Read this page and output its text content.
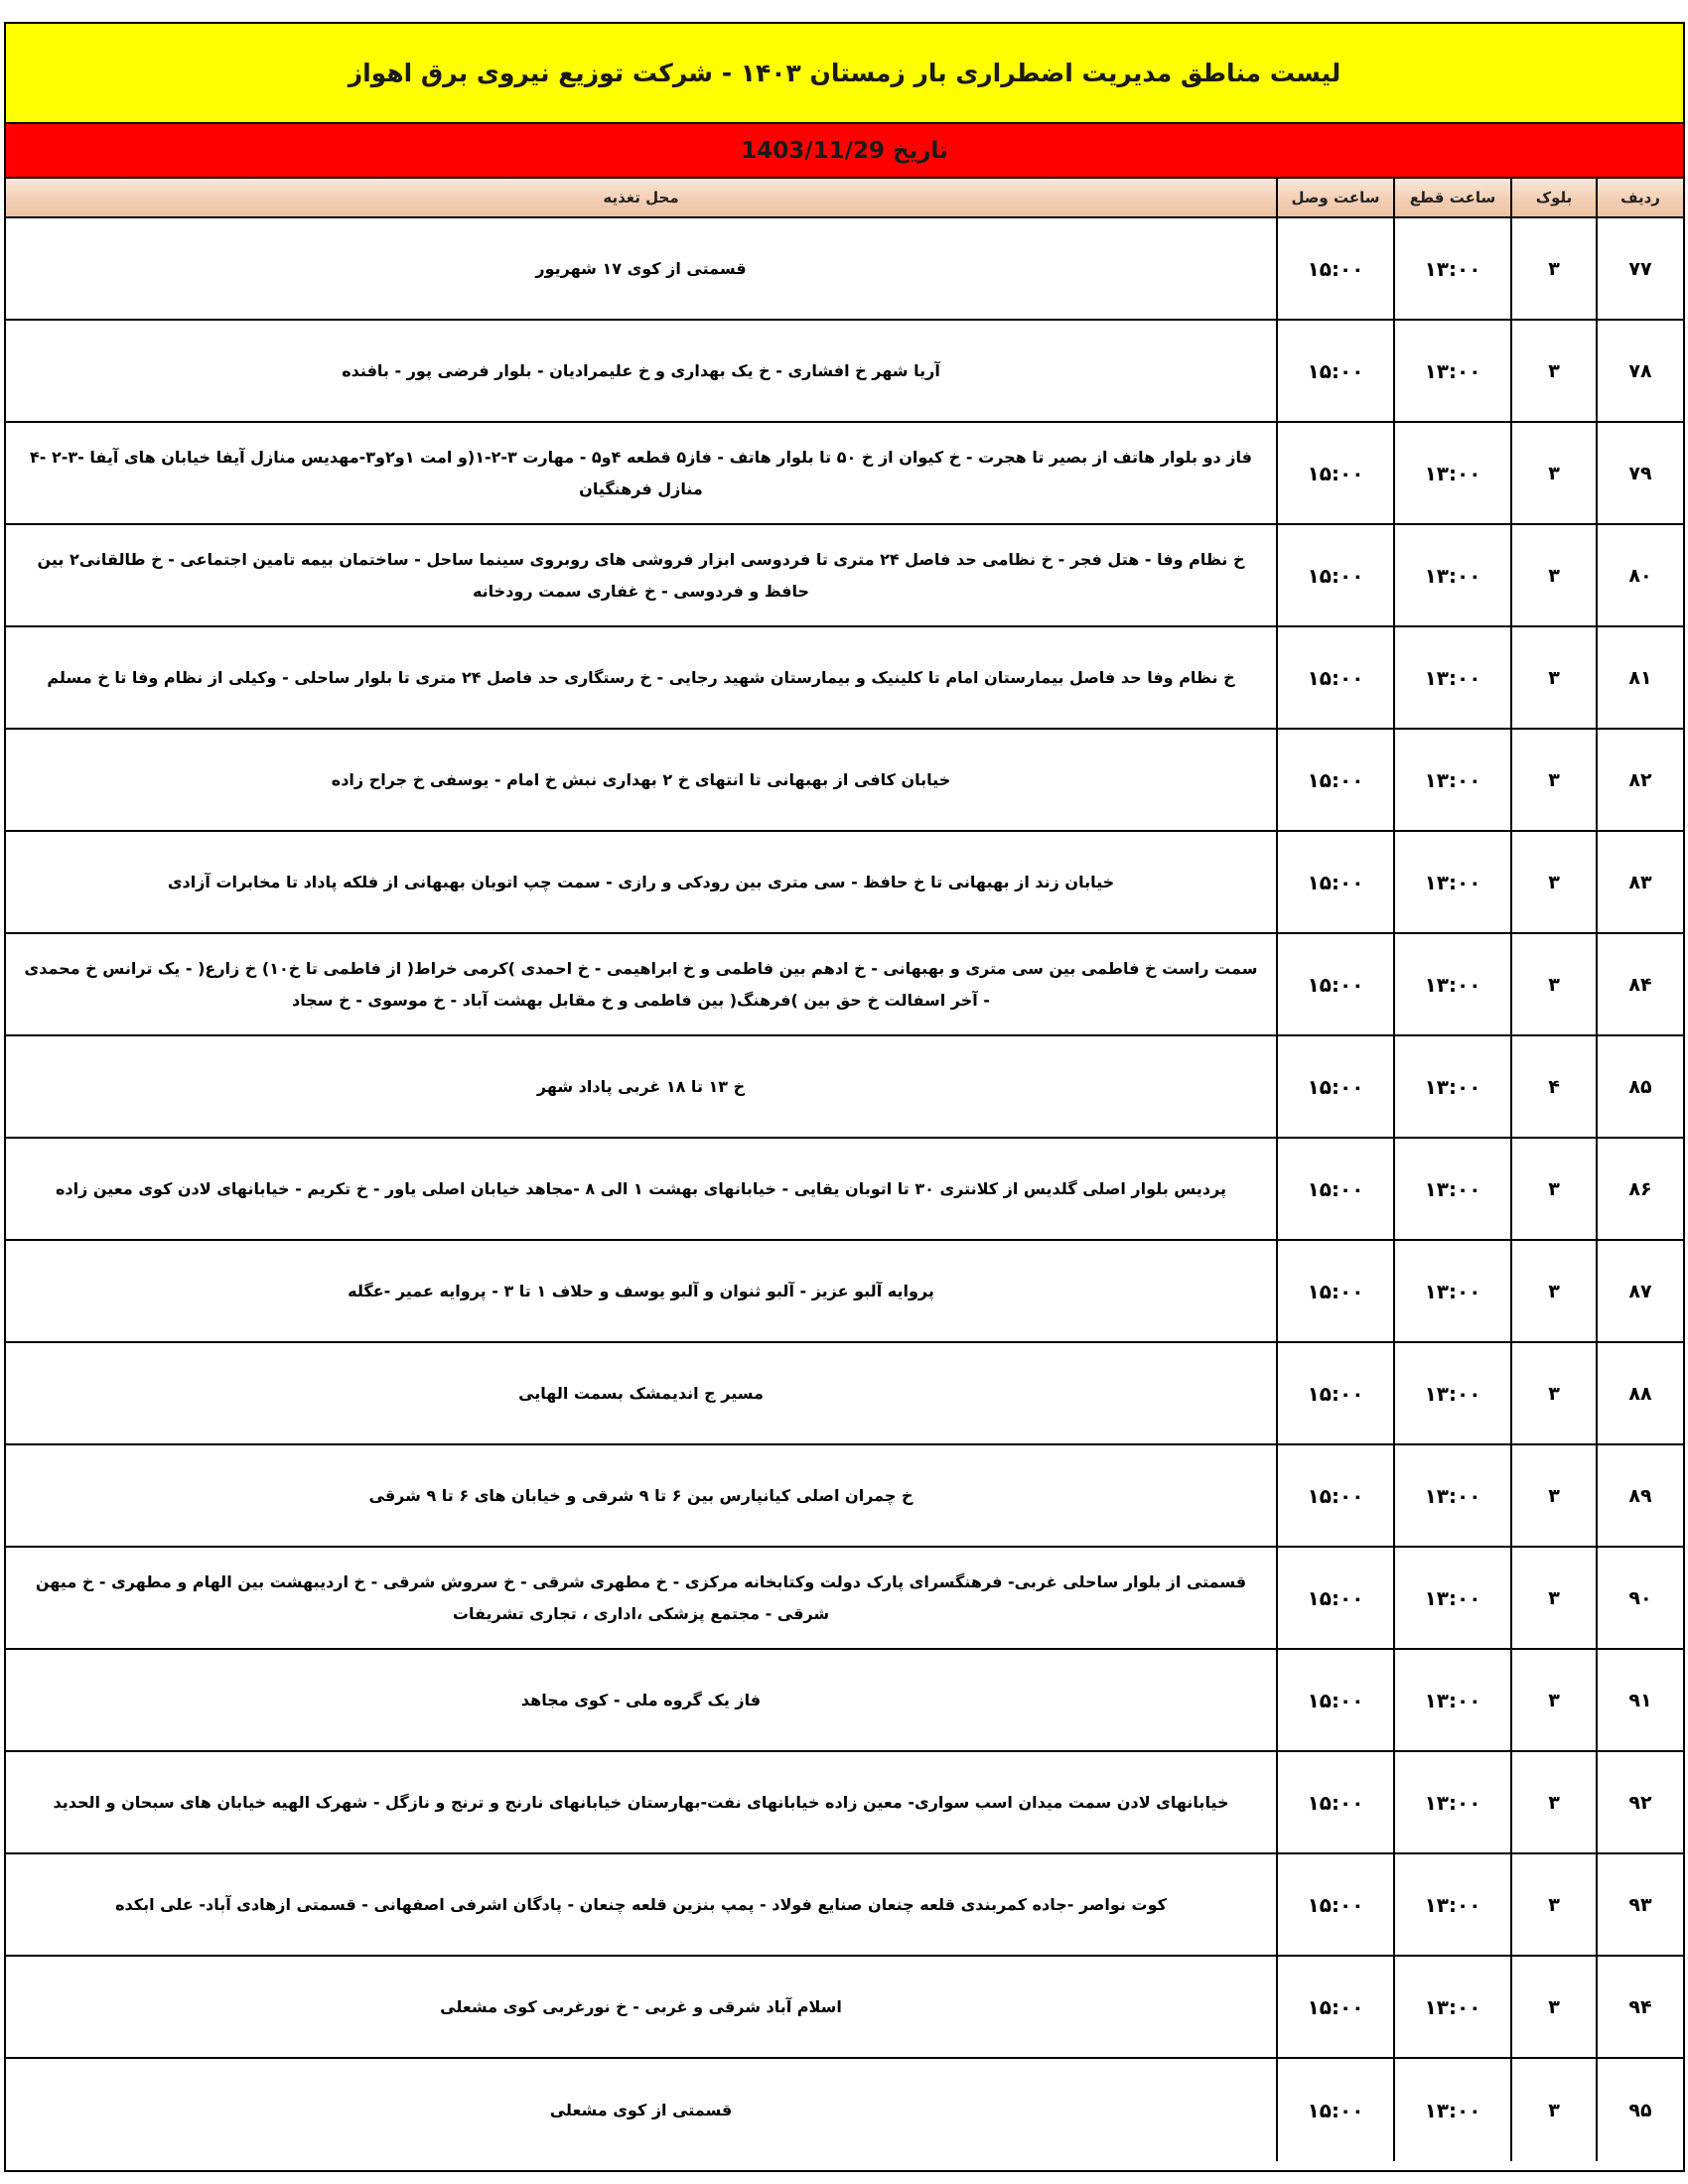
لیست مناطق مدیریت اضطراری بار زمستان ۱۴۰۳ - شرکت توزیع نیروی برق اهواز
تاریخ 1403/11/29
ردیف
بلوک
ساعت قطع
ساعت وصل
محل تغذیه
۷۷
۳
۱۳:۰۰
۱۵:۰۰
قسمتی از کوی ۱۷ شهریور
۷۸
۳
۱۳:۰۰
۱۵:۰۰
آریا شهر خ افشاری - خ یک بهداری و خ علیمرادیان - بلوار فرضی پور - بافنده
۷۹
۳
۱۳:۰۰
۱۵:۰۰
فاز دو بلوار هاتف از بصیر تا هجرت - خ کیوان از خ ۵۰ تا بلوار هاتف - فاز۵ قطعه ۴و۵ - مهارت ۳-۲-۱(و امت ۱و۲و۳-مهدیس منازل آیفا خیابان های آیفا -۳-۲ -۴ منازل فرهنگیان
۸۰
۳
۱۳:۰۰
۱۵:۰۰
خ نظام وفا - هتل فجر - خ نظامی حد فاصل ۲۴ متری تا فردوسی ابزار فروشی های روبروی سینما ساحل - ساختمان بیمه تامین اجتماعی - خ طالقانی۲ بین حافظ و فردوسی - خ غفاری سمت رودخانه
۸۱
۳
۱۳:۰۰
۱۵:۰۰
خ نظام وفا حد فاصل بیمارستان امام تا کلینیک و بیمارستان شهید رجایی - خ رستگاری حد فاصل ۲۴ متری تا بلوار ساحلی - وکیلی از نظام وفا تا خ مسلم
۸۲
۳
۱۳:۰۰
۱۵:۰۰
خیابان کافی از بهبهانی تا انتهای خ ۲ بهداری نبش خ امام - یوسفی خ جراح زاده
۸۳
۳
۱۳:۰۰
۱۵:۰۰
خیابان زند از بهبهانی تا خ حافظ - سی متری بین رودکی و رازی - سمت چپ اتوبان بهبهانی از فلکه پاداد تا مخابرات آزادی
۸۴
۳
۱۳:۰۰
۱۵:۰۰
سمت راست خ فاطمی بین سی متری و بهبهانی - خ ادهم بین فاطمی و خ ابراهیمی - خ احمدی )کرمی خراط( از فاطمی تا خ۱۰) خ زارع( - یک ترانس خ محمدی - آخر اسفالت خ حق بین )فرهنگ( بین فاطمی و خ مقابل بهشت آباد - خ موسوی - خ سجاد
۸۵
۴
۱۳:۰۰
۱۵:۰۰
خ ۱۳ تا ۱۸ غربی پاداد شهر
۸۶
۳
۱۳:۰۰
۱۵:۰۰
پردیس بلوار اصلی گلدیس از کلانتری ۳۰ تا اتوبان یقایی - خیابانهای بهشت ۱ الی ۸ -مجاهد خیابان اصلی یاور - خ تکریم - خیابانهای لادن کوی معین زاده
۸۷
۳
۱۳:۰۰
۱۵:۰۰
پروایه آلبو عزیز - آلبو ثنوان و آلبو یوسف و حلاف ۱ تا ۳ - پروایه عمیر -عگله
۸۸
۳
۱۳:۰۰
۱۵:۰۰
مسیر ج اندیمشک بسمت الهایی
۸۹
۳
۱۳:۰۰
۱۵:۰۰
خ چمران اصلی کیانپارس بین ۶ تا ۹ شرقی و خیابان های ۶ تا ۹ شرقی
۹۰
۳
۱۳:۰۰
۱۵:۰۰
قسمتی از بلوار ساحلی غربی- فرهنگسرای پارک دولت وکتابخانه مرکزی - خ مطهری شرقی - خ سروش شرقی - خ اردیبهشت بین الهام و مطهری - خ میهن شرقی - مجتمع پزشکی ،اداری ، تجاری تشریفات
۹۱
۳
۱۳:۰۰
۱۵:۰۰
فاز یک گروه ملی - کوی مجاهد
۹۲
۳
۱۳:۰۰
۱۵:۰۰
خیابانهای لادن سمت میدان اسب سواری- معین زاده خیابانهای نفت-بهارستان خیابانهای نارنج و ترنج و نازگل - شهرک الهیه خیابان های سبحان و الحدید
۹۳
۳
۱۳:۰۰
۱۵:۰۰
کوت نواصر -جاده کمربندی قلعه چنعان صنایع فولاد - پمپ بنزین قلعه چنعان - پادگان اشرفی اصفهانی - قسمتی ازهادی آباد- علی ابکده
۹۴
۳
۱۳:۰۰
۱۵:۰۰
اسلام آباد شرقی و غربی - خ نورغربی کوی مشعلی
۹۵
۳
۱۳:۰۰
۱۵:۰۰
قسمتی از کوی مشعلی
